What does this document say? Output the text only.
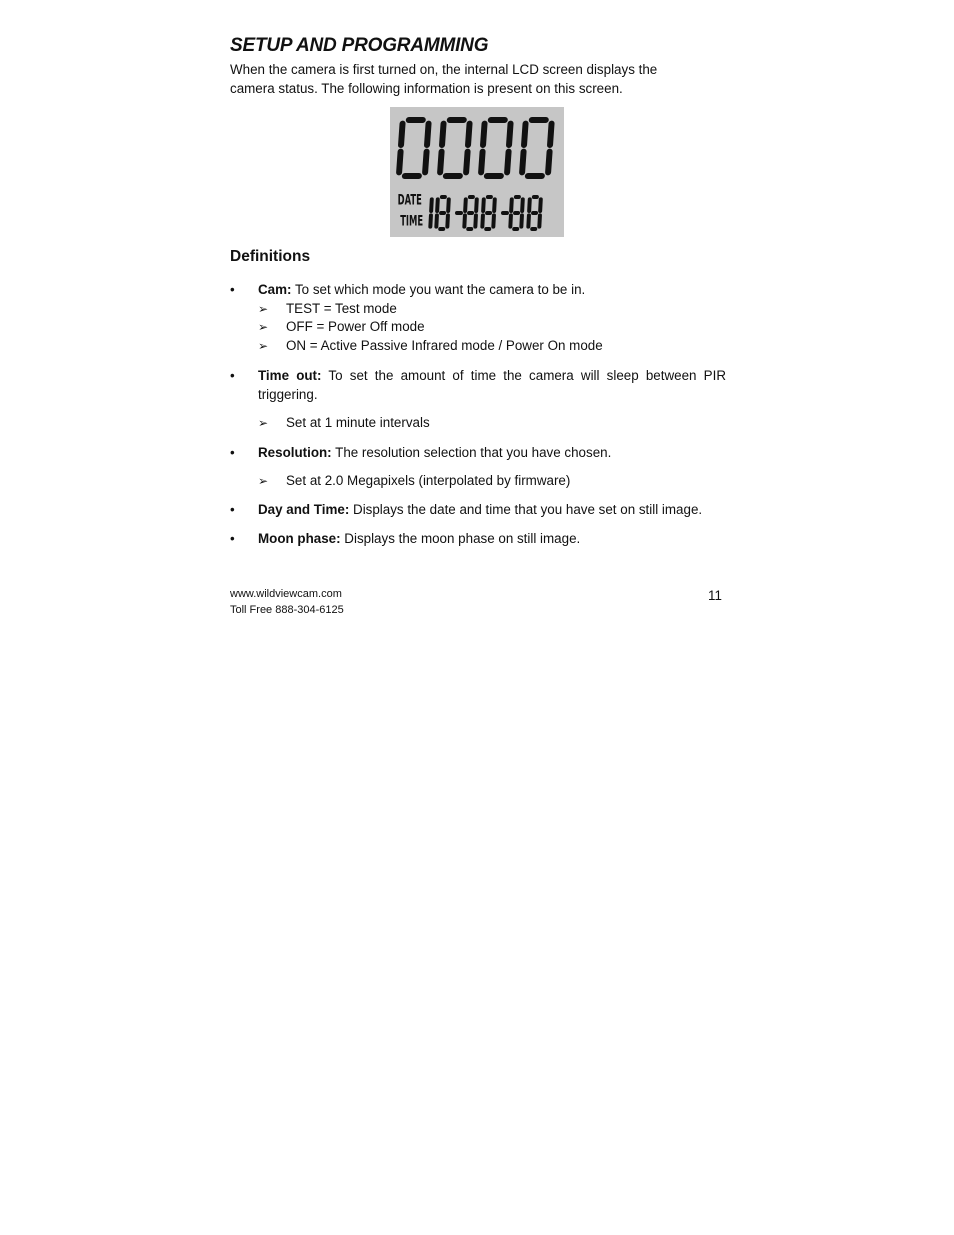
SETUP AND PROGRAMMING

When the camera is first turned on, the internal LCD screen displays the camera status. The following information is present on this screen.

DATE
TIME
Definitions
• Cam: To set which mode you want the camera to be in.
➢ TEST = Test mode
➢ OFF = Power Off mode
➢ ON = Active Passive Infrared mode / Power On mode
• Time out: To set the amount of time the camera will sleep between PIR triggering.
➢ Set at 1 minute intervals
• Resolution: The resolution selection that you have chosen.
➢ Set at 2.0 Megapixels (interpolated by firmware)
• Day and Time: Displays the date and time that you have set on still image.
• Moon phase: Displays the moon phase on still image.
www.wildviewcam.com
Toll Free 888-304-6125
11
